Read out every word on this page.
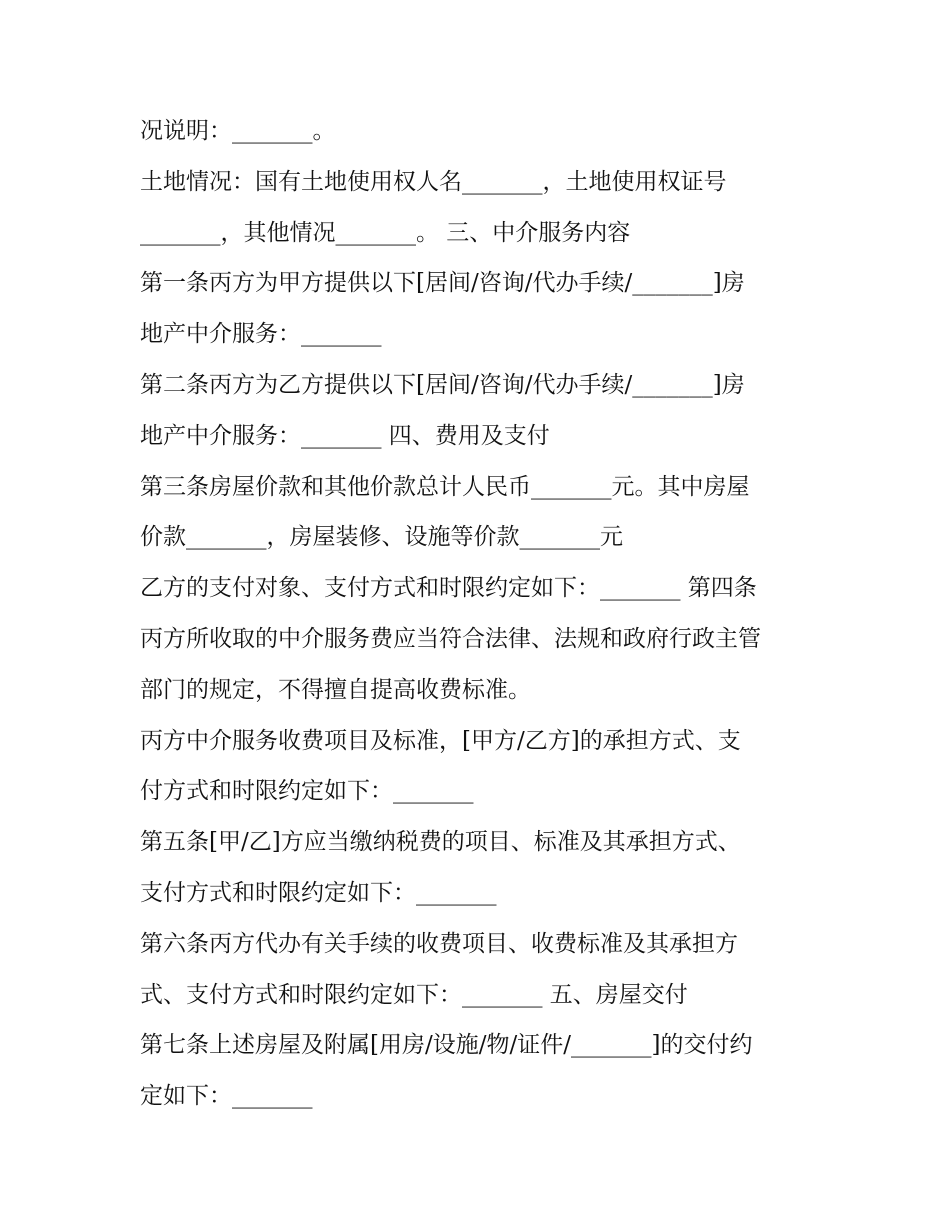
况说明：_______。
土地情况：国有土地使用权人名_______，土地使用权证号
_______，其他情况_______。 三、中介服务内容
第一条丙方为甲方提供以下[居间/咨询/代办手续/_______]房
地产中介服务：_______
第二条丙方为乙方提供以下[居间/咨询/代办手续/_______]房
地产中介服务：_______ 四、费用及支付
第三条房屋价款和其他价款总计人民币_______元。其中房屋
价款_______，房屋装修、设施等价款_______元
乙方的支付对象、支付方式和时限约定如下：_______ 第四条
丙方所收取的中介服务费应当符合法律、法规和政府行政主管
部门的规定，不得擅自提高收费标准。
丙方中介服务收费项目及标准，[甲方/乙方]的承担方式、支
付方式和时限约定如下：_______
第五条[甲/乙]方应当缴纳税费的项目、标准及其承担方式、
支付方式和时限约定如下：_______
第六条丙方代办有关手续的收费项目、收费标准及其承担方
式、支付方式和时限约定如下：_______ 五、房屋交付
第七条上述房屋及附属[用房/设施/物/证件/_______]的交付约
定如下：_______
